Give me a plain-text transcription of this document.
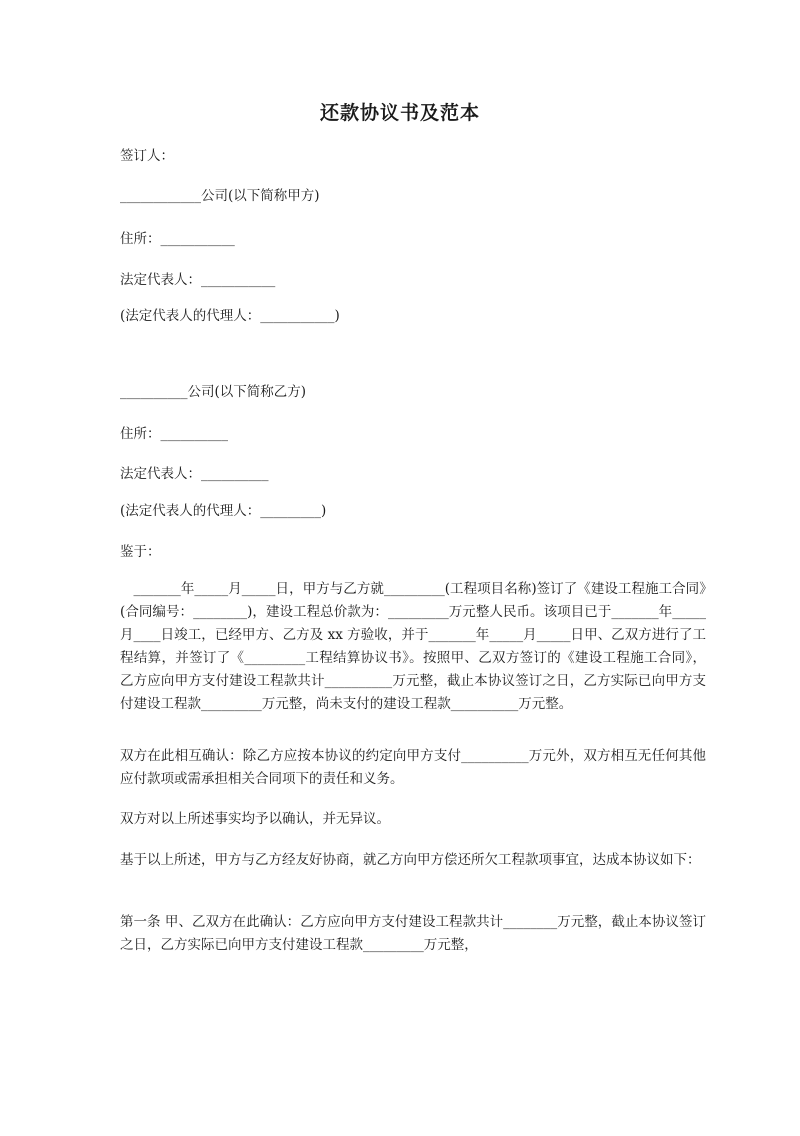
还款协议书及范本
签订人：
____________公司(以下简称甲方)
住所：___________
法定代表人：___________
(法定代表人的代理人：___________)
__________公司(以下简称乙方)
住所：__________
法定代表人：__________
(法定代表人的代理人：_________)
鉴于：
　_______年_____月_____日，甲方与乙方就_________(工程项目名称)签订了《建设工程施工合同》(合同编号：________)，建设工程总价款为：_________万元整人民币。该项目已于_______年_____月____日竣工，已经甲方、乙方及 xx 方验收，并于_______年_____月_____日甲、乙双方进行了工程结算，并签订了《_________工程结算协议书》。按照甲、乙双方签订的《建设工程施工合同》，乙方应向甲方支付建设工程款共计__________万元整，截止本协议签订之日，乙方实际已向甲方支付建设工程款_________万元整，尚未支付的建设工程款__________万元整。
双方在此相互确认：除乙方应按本协议的约定向甲方支付__________万元外，双方相互无任何其他应付款项或需承担相关合同项下的责任和义务。
双方对以上所述事实均予以确认，并无异议。
基于以上所述，甲方与乙方经友好协商，就乙方向甲方偿还所欠工程款项事宜，达成本协议如下：
第一条 甲、乙双方在此确认：乙方应向甲方支付建设工程款共计________万元整，截止本协议签订之日，乙方实际已向甲方支付建设工程款_________万元整，
